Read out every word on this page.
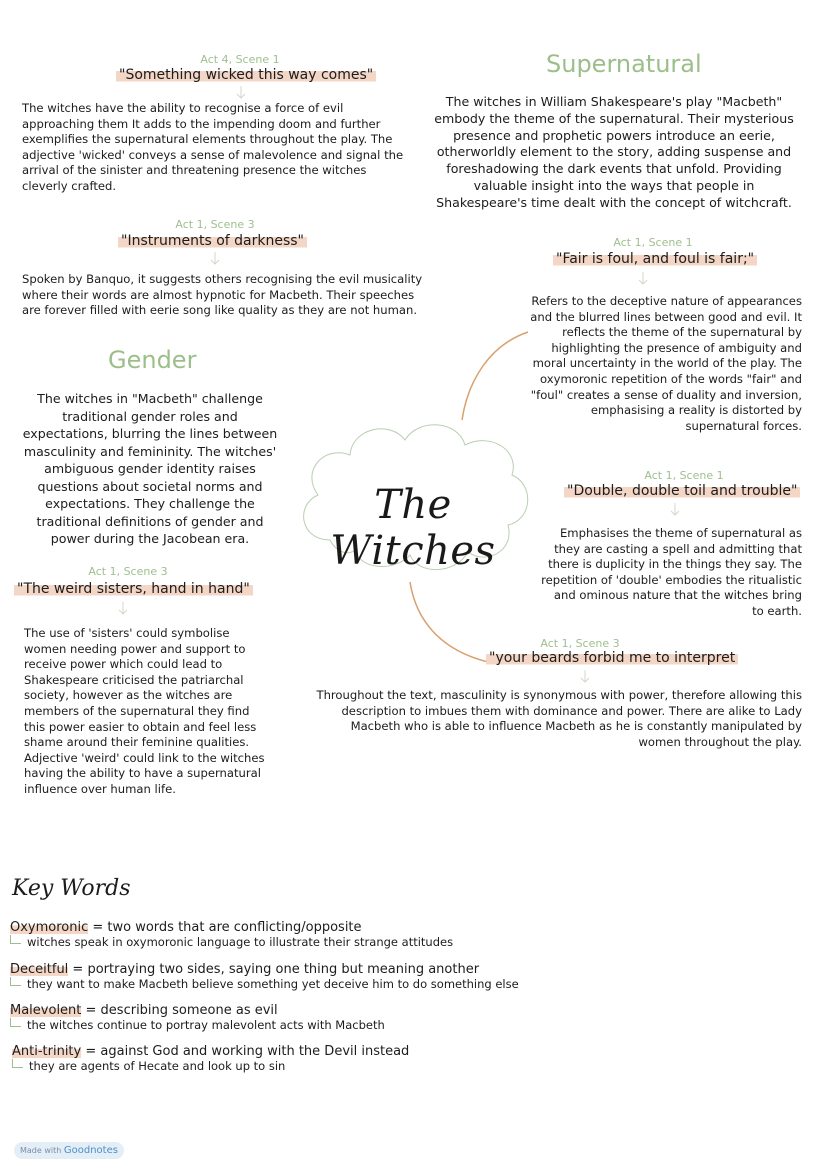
The Witches
Supernatural
The witches in William Shakespeare's play "Macbeth" embody the theme of the supernatural. Their mysterious presence and prophetic powers introduce an eerie, otherworldly element to the story, adding suspense and foreshadowing the dark events that unfold. Providing valuable insight into the ways that people in Shakespeare's time dealt with the concept of witchcraft.
Gender
The witches in "Macbeth" challenge traditional gender roles and expectations, blurring the lines between masculinity and femininity. The witches' ambiguous gender identity raises questions about societal norms and expectations. They challenge the traditional definitions of gender and power during the Jacobean era.
Act 4, Scene 1
"Something wicked this way comes"
The witches have the ability to recognise a force of evil approaching them It adds to the impending doom and further exemplifies the supernatural elements throughout the play. The adjective 'wicked' conveys a sense of malevolence and signal the arrival of the sinister and threatening presence the witches cleverly crafted.
Act 1, Scene 3
"Instruments of darkness"
Spoken by Banquo, it suggests others recognising the evil musicality where their words are almost hypnotic for Macbeth. Their speeches are forever filled with eerie song like quality as they are not human.
Act 1, Scene 1
"Fair is foul, and foul is fair;"
Refers to the deceptive nature of appearances and the blurred lines between good and evil. It reflects the theme of the supernatural by highlighting the presence of ambiguity and moral uncertainty in the world of the play. The oxymoronic repetition of the words "fair" and "foul" creates a sense of duality and inversion, emphasising a reality is distorted by supernatural forces.
Act 1, Scene 1
"Double, double toil and trouble"
Emphasises the theme of supernatural as they are casting a spell and admitting that there is duplicity in the things they say. The repetition of 'double' embodies the ritualistic and ominous nature that the witches bring to earth.
Act 1, Scene 3
"The weird sisters, hand in hand"
The use of 'sisters' could symbolise women needing power and support to receive power which could lead to Shakespeare criticised the patriarchal society, however as the witches are members of the supernatural they find this power easier to obtain and feel less shame around their feminine qualities. Adjective 'weird' could link to the witches having the ability to have a supernatural influence over human life.
Act 1, Scene 3
"your beards forbid me to interpret
Throughout the text, masculinity is synonymous with power, therefore allowing this description to imbues them with dominance and power. There are alike to Lady Macbeth who is able to influence Macbeth as he is constantly manipulated by women throughout the play.
Key Words
Oxymoronic = two words that are conflicting/opposite
witches speak in oxymoronic language to illustrate their strange attitudes
Deceitful = portraying two sides, saying one thing but meaning another
they want to make Macbeth believe something yet deceive him to do something else
Malevolent = describing someone as evil
the witches continue to portray malevolent acts with Macbeth
Anti-trinity = against God and working with the Devil instead
they are agents of Hecate and look up to sin
Made with Goodnotes
